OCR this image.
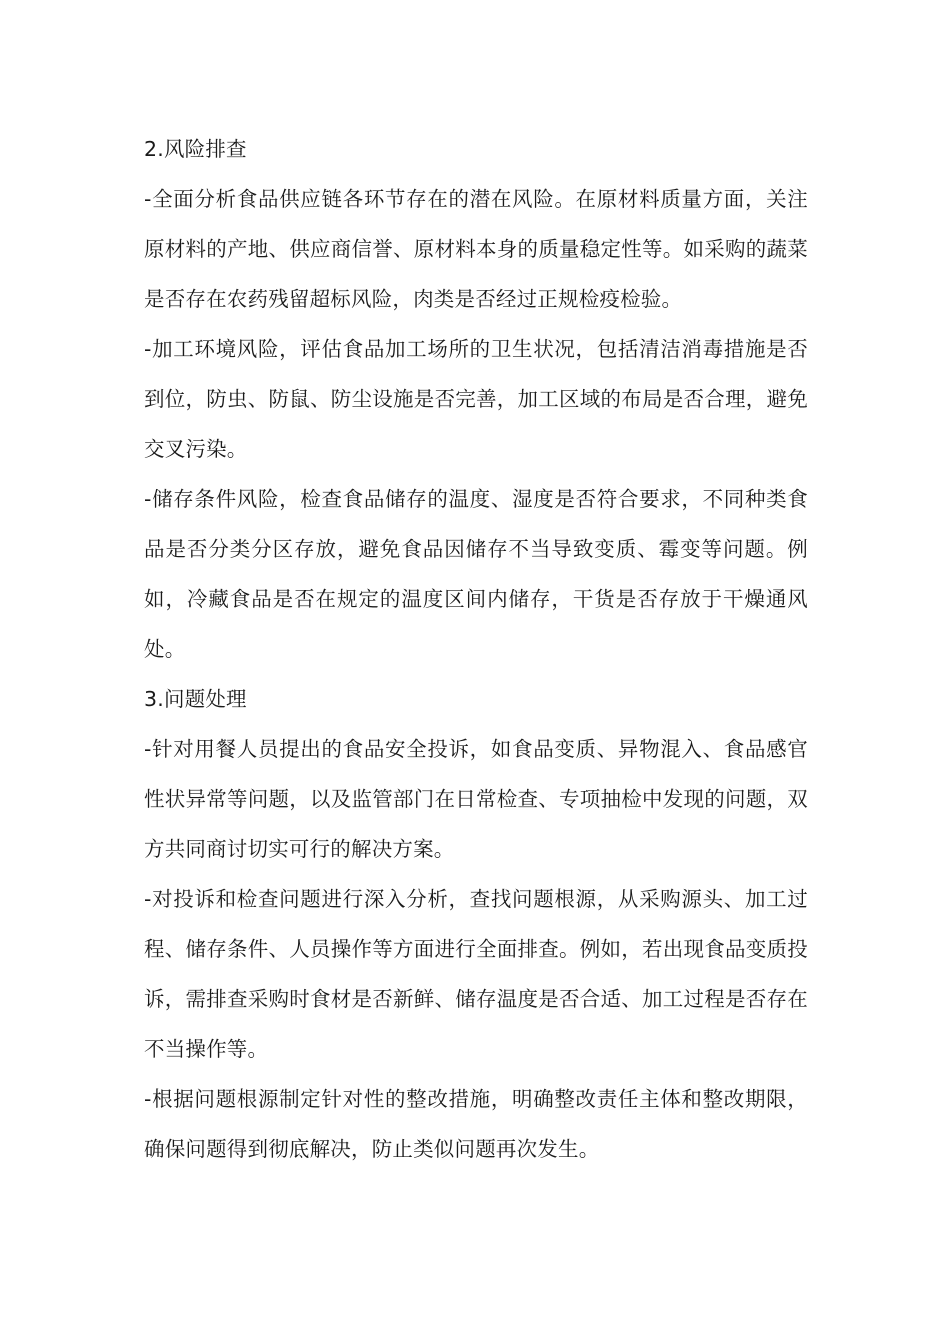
2.风险排查

-全面分析食品供应链各环节存在的潜在风险。在原材料质量方面，关注原材料的产地、供应商信誉、原材料本身的质量稳定性等。如采购的蔬菜是否存在农药残留超标风险，肉类是否经过正规检疫检验。

-加工环境风险，评估食品加工场所的卫生状况，包括清洁消毒措施是否到位，防虫、防鼠、防尘设施是否完善，加工区域的布局是否合理，避免交叉污染。

-储存条件风险，检查食品储存的温度、湿度是否符合要求，不同种类食品是否分类分区存放，避免食品因储存不当导致变质、霉变等问题。例如，冷藏食品是否在规定的温度区间内储存，干货是否存放于干燥通风处。

3.问题处理

-针对用餐人员提出的食品安全投诉，如食品变质、异物混入、食品感官性状异常等问题，以及监管部门在日常检查、专项抽检中发现的问题，双方共同商讨切实可行的解决方案。

-对投诉和检查问题进行深入分析，查找问题根源，从采购源头、加工过程、储存条件、人员操作等方面进行全面排查。例如，若出现食品变质投诉，需排查采购时食材是否新鲜、储存温度是否合适、加工过程是否存在不当操作等。

-根据问题根源制定针对性的整改措施，明确整改责任主体和整改期限，确保问题得到彻底解决，防止类似问题再次发生。
